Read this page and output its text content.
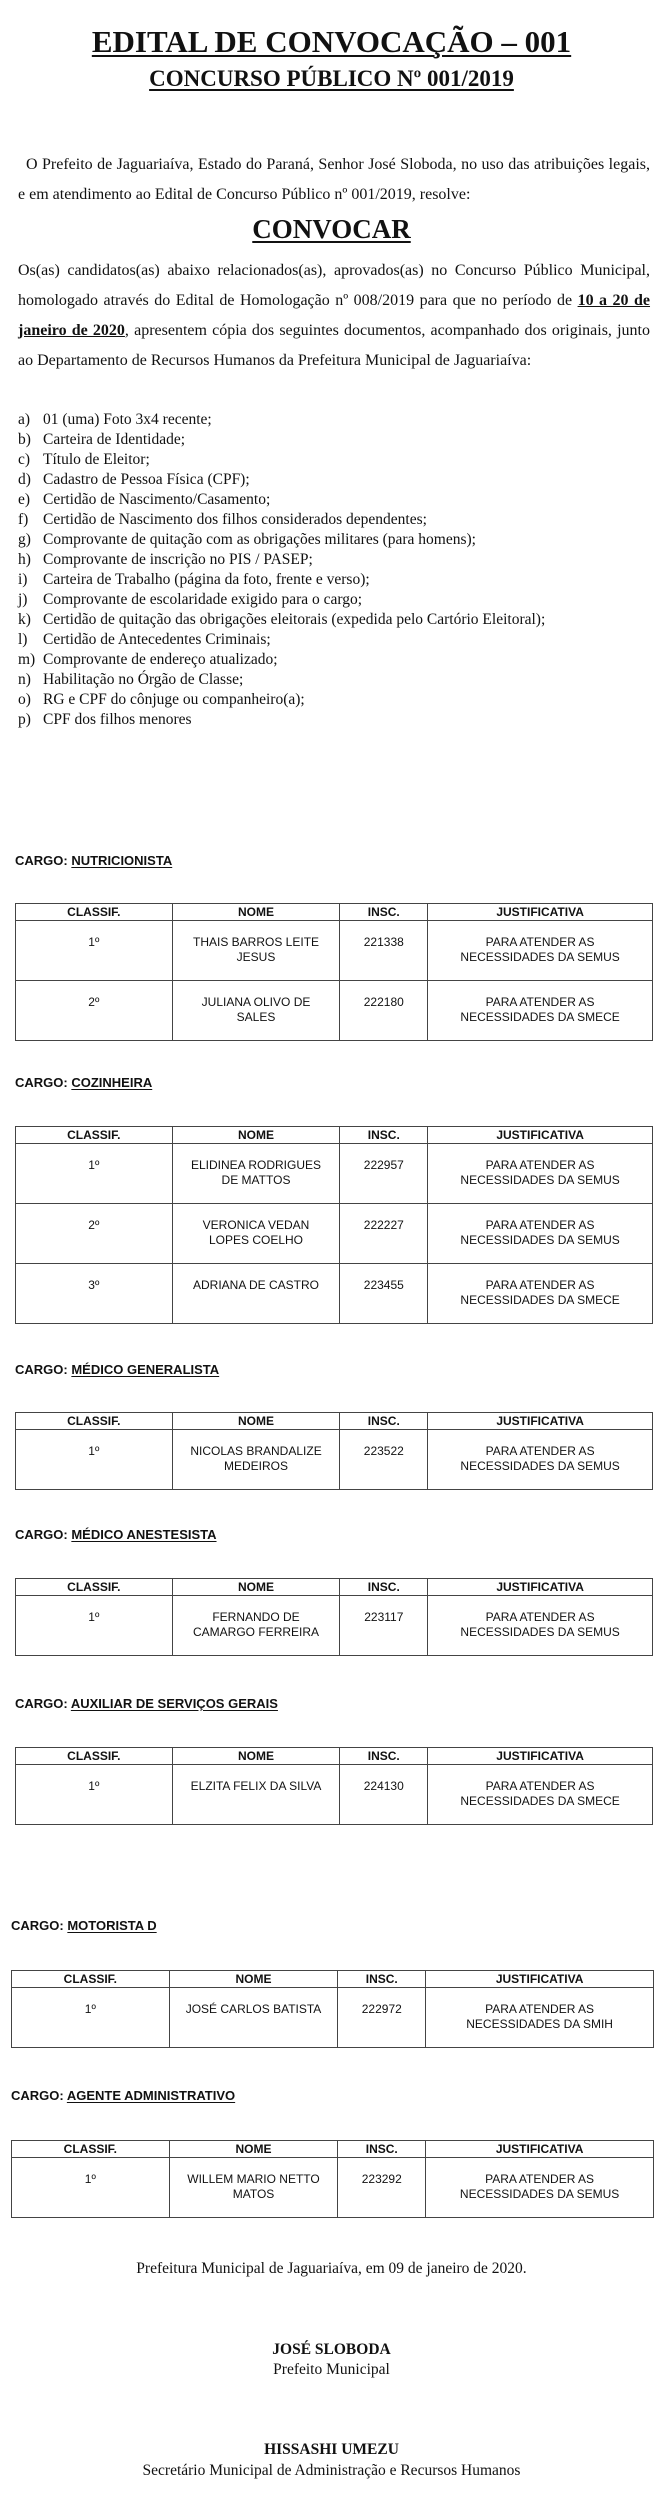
EDITAL DE CONVOCAÇÃO – 001
CONCURSO PÚBLICO Nº 001/2019
O Prefeito de Jaguariaíva, Estado do Paraná, Senhor José Sloboda, no uso das atribuições legais, e em atendimento ao Edital de Concurso Público nº 001/2019, resolve:
CONVOCAR
Os(as) candidatos(as) abaixo relacionados(as), aprovados(as) no Concurso Público Municipal, homologado através do Edital de Homologação nº 008/2019 para que no período de 10 a 20 de janeiro de 2020, apresentem cópia dos seguintes documentos, acompanhado dos originais, junto ao Departamento de Recursos Humanos da Prefeitura Municipal de Jaguariaíva:
a) 01 (uma) Foto 3x4 recente;
b) Carteira de Identidade;
c) Título de Eleitor;
d) Cadastro de Pessoa Física (CPF);
e) Certidão de Nascimento/Casamento;
f) Certidão de Nascimento dos filhos considerados dependentes;
g) Comprovante de quitação com as obrigações militares (para homens);
h) Comprovante de inscrição no PIS / PASEP;
i)	Carteira de Trabalho (página da foto, frente e verso);
j)	Comprovante de escolaridade exigido para o cargo;
k) Certidão de quitação das obrigações eleitorais (expedida pelo Cartório Eleitoral);
l)	Certidão de Antecedentes Criminais;
m) Comprovante de endereço atualizado;
n) Habilitação no Órgão de Classe;
o) RG e CPF do cônjuge ou companheiro(a);
p) CPF dos filhos menores
CARGO: NUTRICIONISTA
CLASSIF.	NOME	INSC.	JUSTIFICATIVA
1º	THAIS BARROS LEITE JESUS	221338	PARA ATENDER AS NECESSIDADES DA SEMUS
2º	JULIANA OLIVO DE SALES	222180	PARA ATENDER AS NECESSIDADES DA SMECE
CARGO: COZINHEIRA
CLASSIF.	NOME	INSC.	JUSTIFICATIVA
1º	ELIDINEA RODRIGUES DE MATTOS	222957	PARA ATENDER AS NECESSIDADES DA SEMUS
2º	VERONICA VEDAN LOPES COELHO	222227	PARA ATENDER AS NECESSIDADES DA SEMUS
3º	ADRIANA DE CASTRO	223455	PARA ATENDER AS NECESSIDADES DA SMECE
CARGO: MÉDICO GENERALISTA
CLASSIF.	NOME	INSC.	JUSTIFICATIVA
1º	NICOLAS BRANDALIZE MEDEIROS	223522	PARA ATENDER AS NECESSIDADES DA SEMUS
CARGO: MÉDICO ANESTESISTA
CLASSIF.	NOME	INSC.	JUSTIFICATIVA
1º	FERNANDO DE CAMARGO FERREIRA	223117	PARA ATENDER AS NECESSIDADES DA SEMUS
CARGO: AUXILIAR DE SERVIÇOS GERAIS
CLASSIF.	NOME	INSC.	JUSTIFICATIVA
1º	ELZITA FELIX DA SILVA	224130	PARA ATENDER AS NECESSIDADES DA SMECE
CARGO: MOTORISTA D
CLASSIF.	NOME	INSC.	JUSTIFICATIVA
1º	JOSÉ CARLOS BATISTA	222972	PARA ATENDER AS NECESSIDADES DA SMIH
CARGO: AGENTE ADMINISTRATIVO
CLASSIF.	NOME	INSC.	JUSTIFICATIVA
1º	WILLEM MARIO NETTO MATOS	223292	PARA ATENDER AS NECESSIDADES DA SEMUS
Prefeitura Municipal de Jaguariaíva, em 09 de janeiro de 2020.
JOSÉ SLOBODA
Prefeito Municipal
HISSASHI UMEZU
Secretário Municipal de Administração e Recursos Humanos
